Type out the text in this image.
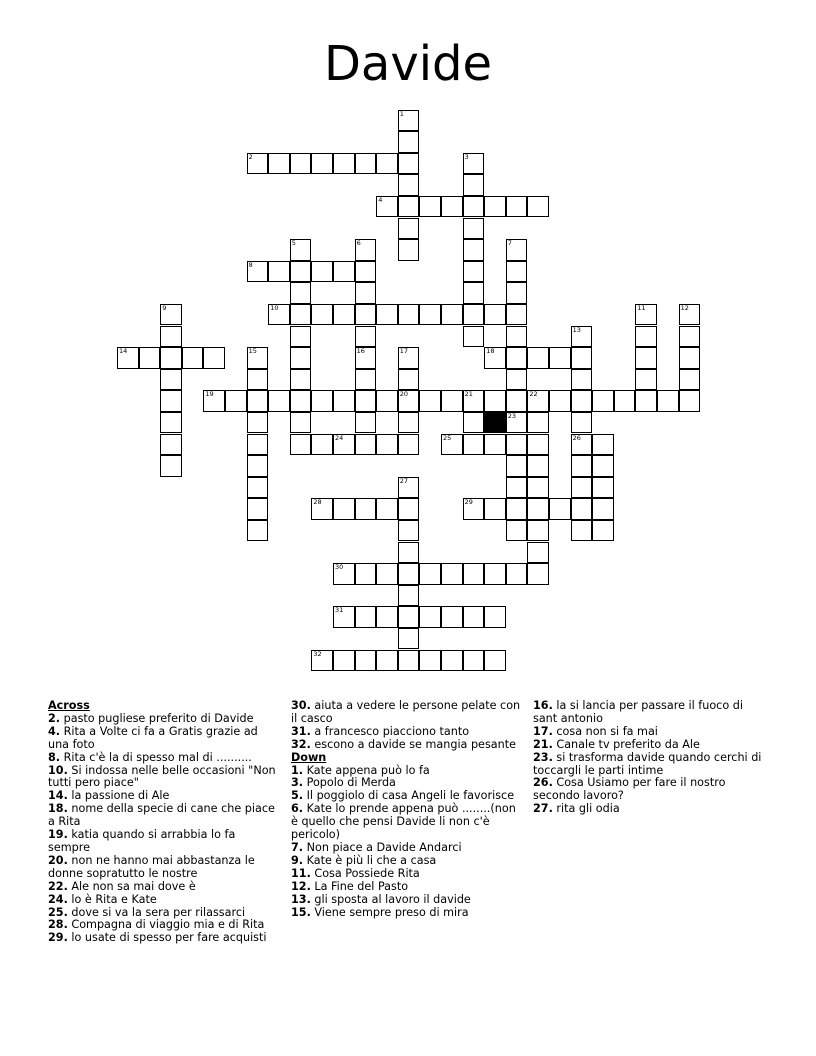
Davide
1
2	3
4
5	6
16
7
23
8
9	10	11	12
13
26
14	15	17
20
18
19	21
25
27
28	29
30
31
32
24
22
Across
2. pasto pugliese preferito di Davide
4. Rita a Volte ci fa a Gratis grazie ad una foto
8. Rita c'è la di spesso mal di ..........
10. Si indossa nelle belle occasioni "Non tutti pero piace"
14. la passione di Ale
18. nome della specie di cane che piace a Rita
19. katia quando si arrabbia lo fa sempre
20. non ne hanno mai abbastanza le donne sopratutto le nostre
22. Ale non sa mai dove è
24. lo è Rita e Kate
25. dove si va la sera per rilassarci
28. Compagna di viaggio mia e di Rita
29. lo usate di spesso per fare acquisti
30. aiuta a vedere le persone pelate con il casco
31. a francesco piacciono tanto
32. escono a davide se mangia pesante
Down
1. Kate appena può lo fa
3. Popolo di Merda
5. Il poggiolo di casa Angeli le favorisce
6. Kate lo prende appena può ........(non è quello che pensi Davide li non c'è pericolo)
7. Non piace a Davide Andarci
9. Kate è più li che a casa
11. Cosa Possiede Rita
12. La Fine del Pasto
13. gli sposta al lavoro il davide
15. Viene sempre preso di mira
16. la si lancia per passare il fuoco di sant antonio
17. cosa non si fa mai
21. Canale tv preferito da Ale
23. si trasforma davide quando cerchi di toccargli le parti intime
26. Cosa Usiamo per fare il nostro secondo lavoro?
27. rita gli odia
